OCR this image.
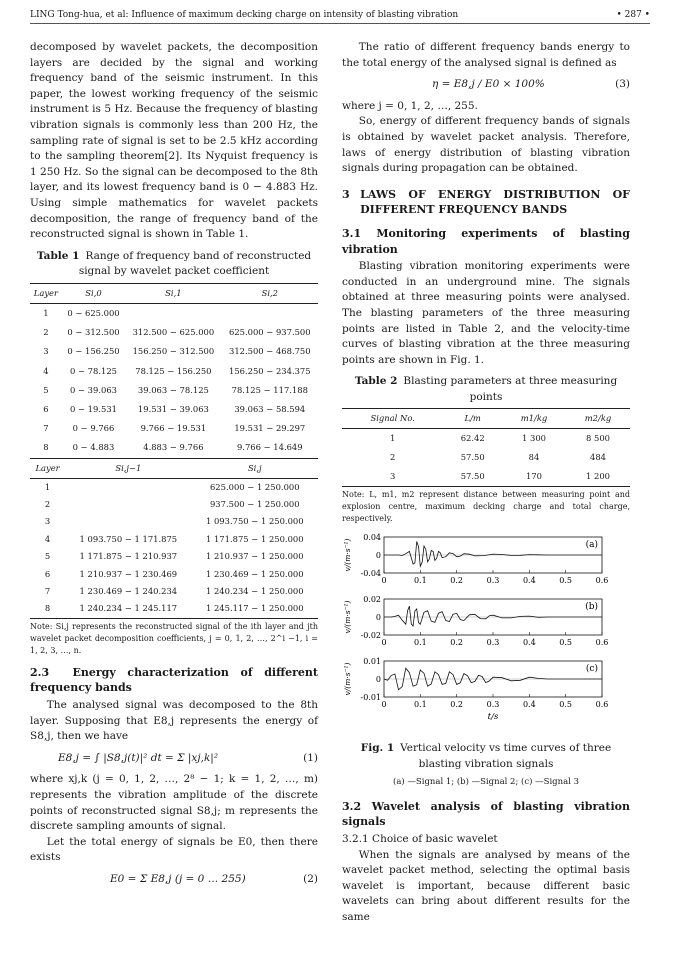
LING Tong-hua, et al: Influence of maximum decking charge on intensity of blasting vibration	• 287 •

decomposed by wavelet packets, the decomposition layers are decided by the signal and working frequency band of the seismic instrument. In this paper, the lowest working frequency of the seismic instrument is 5 Hz. Because the frequency of blasting vibration signals is commonly less than 200 Hz, the sampling rate of signal is set to be 2.5 kHz according to the sampling theorem[2]. Its Nyquist frequency is 1 250 Hz. So the signal can be decomposed to the 8th layer, and its lowest frequency band is 0 − 4.883 Hz. Using simple mathematics for wavelet packets decomposition, the range of frequency band of the reconstructed signal is shown in Table 1.

Table 1 Range of frequency band of reconstructed signal by wavelet packet coefficient
Layer	Si,0	Si,1	Si,2
1	0 − 625.000		
2	0 − 312.500	312.500 − 625.000	625.000 − 937.500
3	0 − 156.250	156.250 − 312.500	312.500 − 468.750
4	0 − 78.125	78.125 − 156.250	156.250 − 234.375
5	0 − 39.063	39.063 − 78.125	78.125 − 117.188
6	0 − 19.531	19.531 − 39.063	39.063 − 58.594
7	0 − 9.766	9.766 − 19.531	19.531 − 29.297
8	0 − 4.883	4.883 − 9.766	9.766 − 14.649
Layer	Si,j−1	Si,j
1		625.000 − 1 250.000
2		937.500 − 1 250.000
3		1 093.750 − 1 250.000
4	1 093.750 − 1 171.875	1 171.875 − 1 250.000
5	1 171.875 − 1 210.937	1 210.937 − 1 250.000
6	1 210.937 − 1 230.469	1 230.469 − 1 250.000
7	1 230.469 − 1 240.234	1 240.234 − 1 250.000
8	1 240.234 − 1 245.117	1 245.117 − 1 250.000

Note: Si,j represents the reconstructed signal of the ith layer and jth wavelet packet decomposition coefficients, j = 0, 1, 2, …, 2^i −1, i = 1, 2, 3, …, n.

2.3 Energy characterization of different frequency bands

The analysed signal was decomposed to the 8th layer. Supposing that E8,j represents the energy of S8,j, then we have

E8,j = ∫ |S8,j(t)|² dt = Σ |xj,k|²	(1)

where xj,k (j = 0, 1, 2, …, 2⁸ − 1; k = 1, 2, …, m) represents the vibration amplitude of the discrete points of reconstructed signal S8,j; m represents the discrete sampling amounts of signal.

Let the total energy of signals be E0, then there exists

E0 = Σ E8,j (j = 0 … 255)	(2)

The ratio of different frequency bands energy to the total energy of the analysed signal is defined as

η = E8,j / E0 × 100%	(3)

where j = 0, 1, 2, …, 255.

So, energy of different frequency bands of signals is obtained by wavelet packet analysis. Therefore, laws of energy distribution of blasting vibration signals during propagation can be obtained.

3 LAWS OF ENERGY DISTRIBUTION OF DIFFERENT FREQUENCY BANDS
3.1 Monitoring experiments of blasting vibration

Blasting vibration monitoring experiments were conducted in an underground mine. The signals obtained at three measuring points were analysed. The blasting parameters of the three measuring points are listed in Table 2, and the velocity-time curves of blasting vibration at the three measuring points are shown in Fig. 1.

Table 2 Blasting parameters at three measuring points
Signal No.	L/m	m1/kg	m2/kg
1	62.42	1 300	8 500
2	57.50	84	484
3	57.50	170	1 200

Note: L, m1, m2 represent distance between measuring point and explosion centre, maximum decking charge and total charge, respectively.

(a)
0.04
0
-0.04
0	0.1	0.2	0.3	0.4	0.5	0.6
v/(m·s⁻¹)
(b)
0.02
0
-0.02
0	0.1	0.2	0.3	0.4	0.5	0.6
v/(m·s⁻¹)
(c)
0.01
0
-0.01
0	0.1	0.2	0.3	0.4	0.5	0.6
v/(m·s⁻¹)
t/s
Fig. 1 Vertical velocity vs time curves of three blasting vibration signals
(a) —Signal 1; (b) —Signal 2; (c) —Signal 3
3.2 Wavelet analysis of blasting vibration signals

3.2.1 Choice of basic wavelet

When the signals are analysed by means of the wavelet packet method, selecting the optimal basis wavelet is important, because different basic wavelets can bring about different results for the same
